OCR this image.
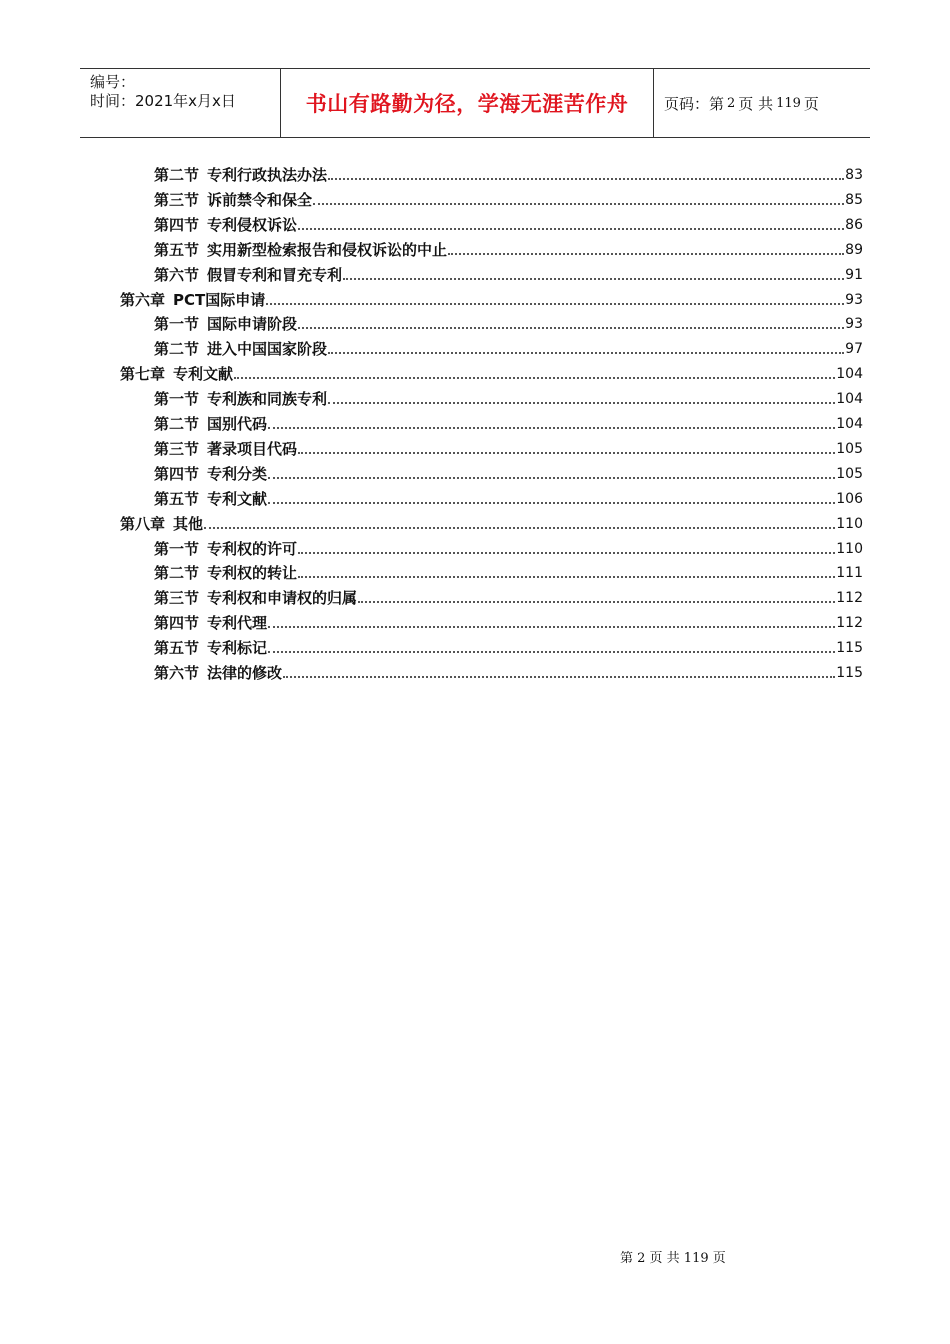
编号：
时间：2021年x月x日	书山有路勤为径，学海无涯苦作舟 页码：第 2 页 共 119 页
第二节 专利行政执法办法	83
第三节 诉前禁令和保全	85
第四节 专利侵权诉讼	86
第五节 实用新型检索报告和侵权诉讼的中止	89
第六节 假冒专利和冒充专利	91
第六章 PCT国际申请	93
第一节 国际申请阶段	93
第二节 进入中国国家阶段	97
第七章 专利文献	104
第一节 专利族和同族专利	104
第二节 国别代码	104
第三节 著录项目代码	105
第四节 专利分类	105
第五节 专利文献	106
第八章 其他	110
第一节 专利权的许可	110
第二节 专利权的转让	111
第三节 专利权和申请权的归属	112
第四节 专利代理	112
第五节 专利标记	115
第六节 法律的修改	115
第 2 页 共 119 页
